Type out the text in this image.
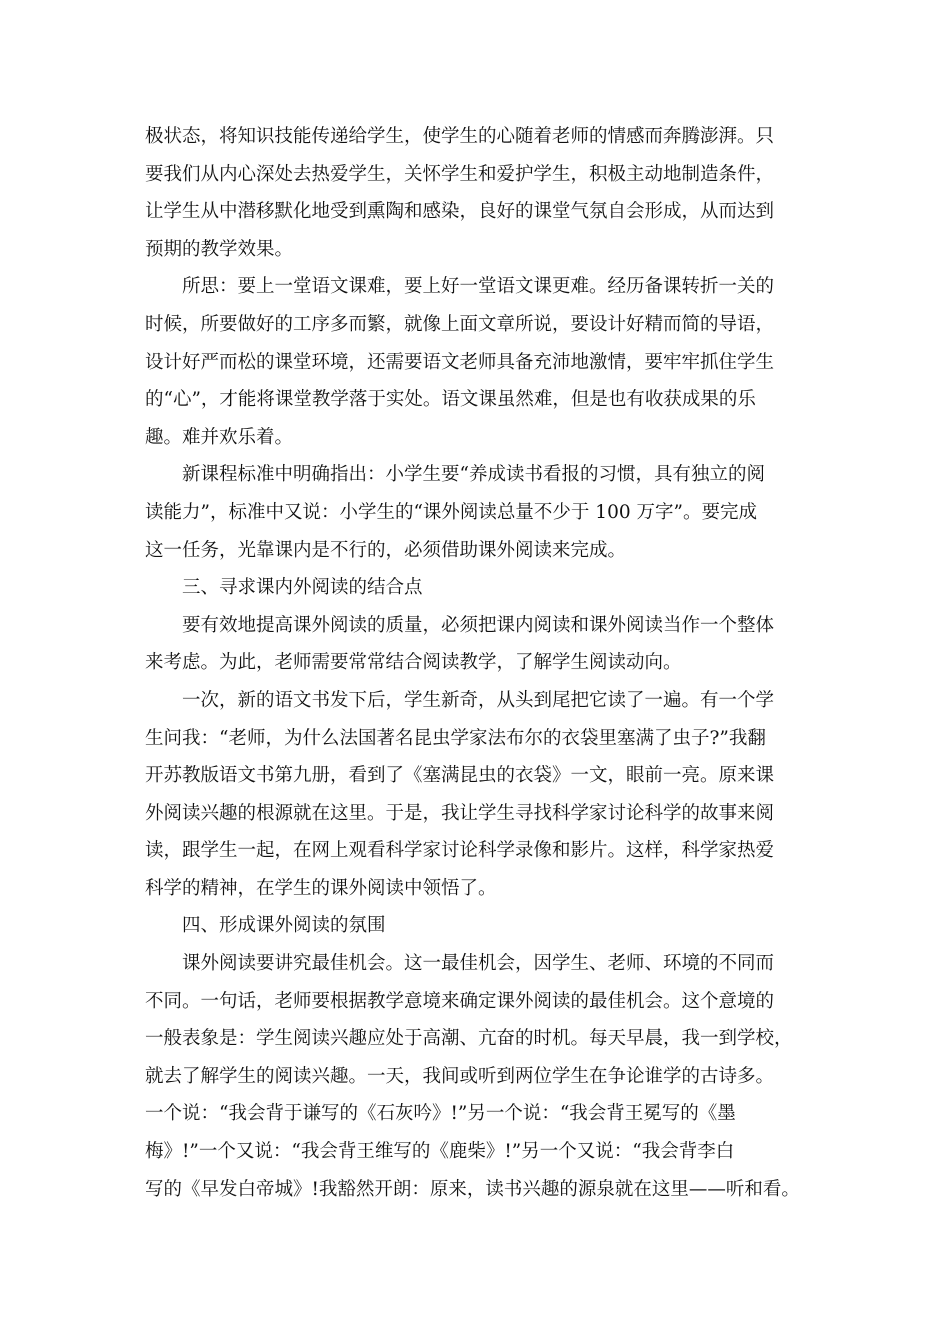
极状态，将知识技能传递给学生，使学生的心随着老师的情感而奔腾澎湃。只
要我们从内心深处去热爱学生，关怀学生和爱护学生，积极主动地制造条件，
让学生从中潜移默化地受到熏陶和感染，良好的课堂气氛自会形成，从而达到
预期的教学效果。

　　所思：要上一堂语文课难，要上好一堂语文课更难。经历备课转折一关的
时候，所要做好的工序多而繁，就像上面文章所说，要设计好精而简的导语，
设计好严而松的课堂环境，还需要语文老师具备充沛地激情，要牢牢抓住学生
的“心”，才能将课堂教学落于实处。语文课虽然难，但是也有收获成果的乐
趣。难并欢乐着。

　　新课程标准中明确指出：小学生要“养成读书看报的习惯，具有独立的阅
读能力”，标准中又说：小学生的“课外阅读总量不少于 100 万字”。要完成
这一任务，光靠课内是不行的，必须借助课外阅读来完成。

　　三、寻求课内外阅读的结合点

　　要有效地提高课外阅读的质量，必须把课内阅读和课外阅读当作一个整体
来考虑。为此，老师需要常常结合阅读教学，了解学生阅读动向。

　　一次，新的语文书发下后，学生新奇，从头到尾把它读了一遍。有一个学
生问我：“老师，为什么法国著名昆虫学家法布尔的衣袋里塞满了虫子?”我翻
开苏教版语文书第九册，看到了《塞满昆虫的衣袋》一文，眼前一亮。原来课
外阅读兴趣的根源就在这里。于是，我让学生寻找科学家讨论科学的故事来阅
读，跟学生一起，在网上观看科学家讨论科学录像和影片。这样，科学家热爱
科学的精神，在学生的课外阅读中领悟了。

　　四、形成课外阅读的氛围

　　课外阅读要讲究最佳机会。这一最佳机会，因学生、老师、环境的不同而
不同。一句话，老师要根据教学意境来确定课外阅读的最佳机会。这个意境的
一般表象是：学生阅读兴趣应处于高潮、亢奋的时机。每天早晨，我一到学校，
就去了解学生的阅读兴趣。一天，我间或听到两位学生在争论谁学的古诗多。
一个说：“我会背于谦写的《石灰吟》!”另一个说：“我会背王冕写的《墨
梅》!”一个又说：“我会背王维写的《鹿柴》!”另一个又说：“我会背李白
写的《早发白帝城》!我豁然开朗：原来，读书兴趣的源泉就在这里——听和看。
